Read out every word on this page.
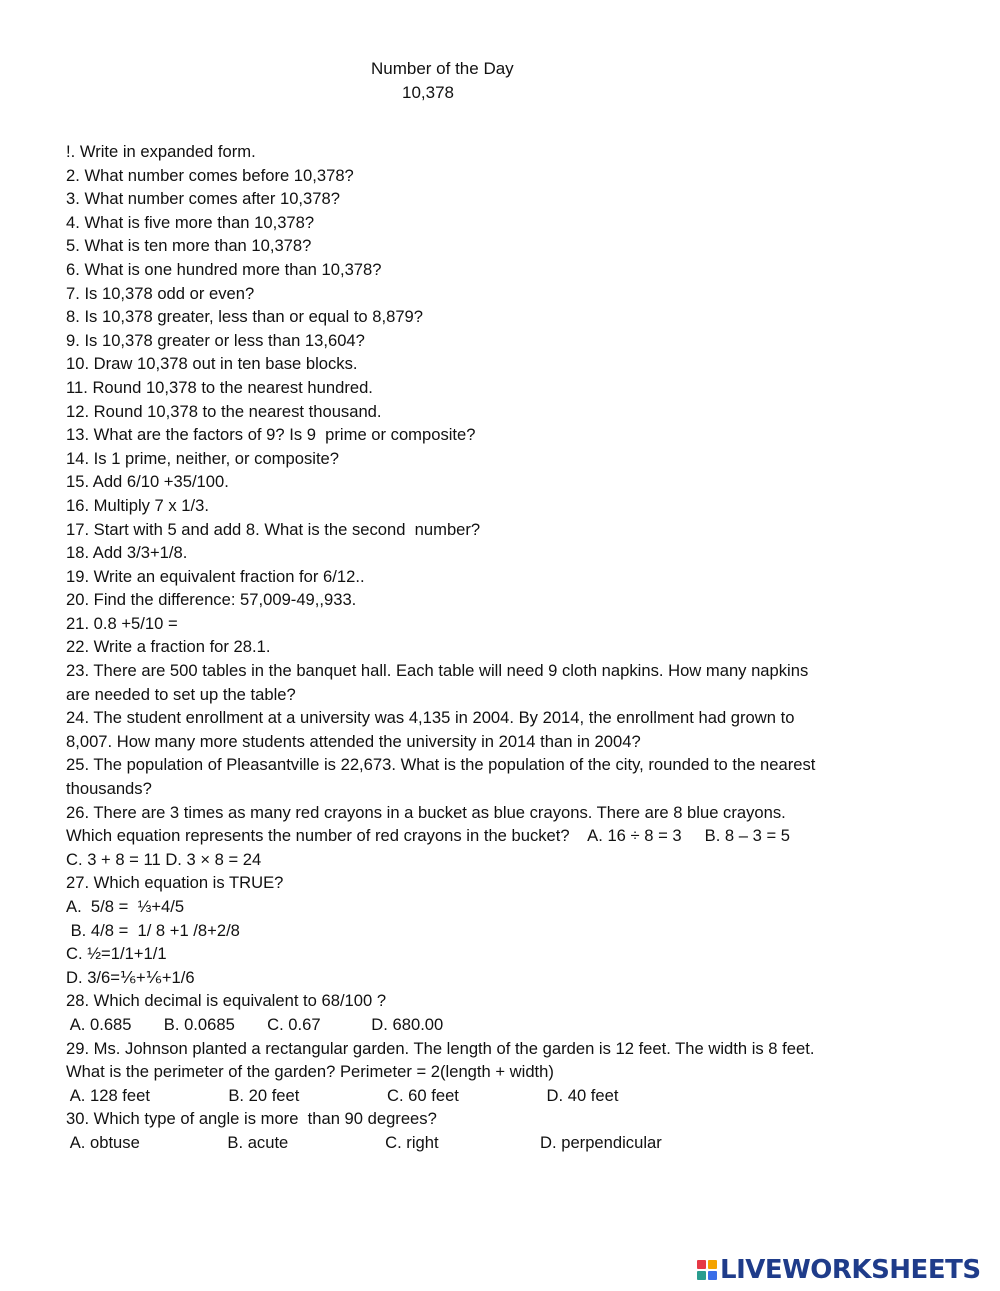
Number of the Day
10,378

!. Write in expanded form.

2. What number comes before 10,378?

3. What number comes after 10,378?

4. What is five more than 10,378?

5. What is ten more than 10,378?

6. What is one hundred more than 10,378?

7. Is 10,378 odd or even?

8. Is 10,378 greater, less than or equal to 8,879?

9. Is 10,378 greater or less than 13,604?

10. Draw 10,378 out in ten base blocks.

11. Round 10,378 to the nearest hundred.

12. Round 10,378 to the nearest thousand.

13. What are the factors of 9? Is 9  prime or composite?

14. Is 1 prime, neither, or composite?

15. Add 6/10 +35/100.

16. Multiply 7 x 1/3.

17. Start with 5 and add 8. What is the second  number?

18. Add 3/3+1/8.

19. Write an equivalent fraction for 6/12..

20. Find the difference: 57,009-49,,933.

21. 0.8 +5/10 =

22. Write a fraction for 28.1.

23. There are 500 tables in the banquet hall. Each table will need 9 cloth napkins. How many napkins

are needed to set up the table?

24. The student enrollment at a university was 4,135 in 2004. By 2014, the enrollment had grown to

8,007. How many more students attended the university in 2014 than in 2004?

25. The population of Pleasantville is 22,673. What is the population of the city, rounded to the nearest

thousands?

26. There are 3 times as many red crayons in a bucket as blue crayons. There are 8 blue crayons.

Which equation represents the number of red crayons in the bucket?    A. 16 ÷ 8 = 3     B. 8 – 3 = 5

C. 3 + 8 = 11 D. 3 × 8 = 24

27. Which equation is TRUE?

A.  5/8 =  ⅓+4/5

B. 4/8 =  1/ 8 +1 /8+2/8

C. ½=1/1+1/1

D. 3/6=⅙+⅙+1/6

28. Which decimal is equivalent to 68/100 ?

A. 0.685       B. 0.0685       C. 0.67           D. 680.00

29. Ms. Johnson planted a rectangular garden. The length of the garden is 12 feet. The width is 8 feet.

What is the perimeter of the garden? Perimeter = 2(length + width)

A. 128 feet                 B. 20 feet                   C. 60 feet                   D. 40 feet

30. Which type of angle is more  than 90 degrees?

A. obtuse                   B. acute                     C. right                      D. perpendicular

LIVEWORKSHEETS
